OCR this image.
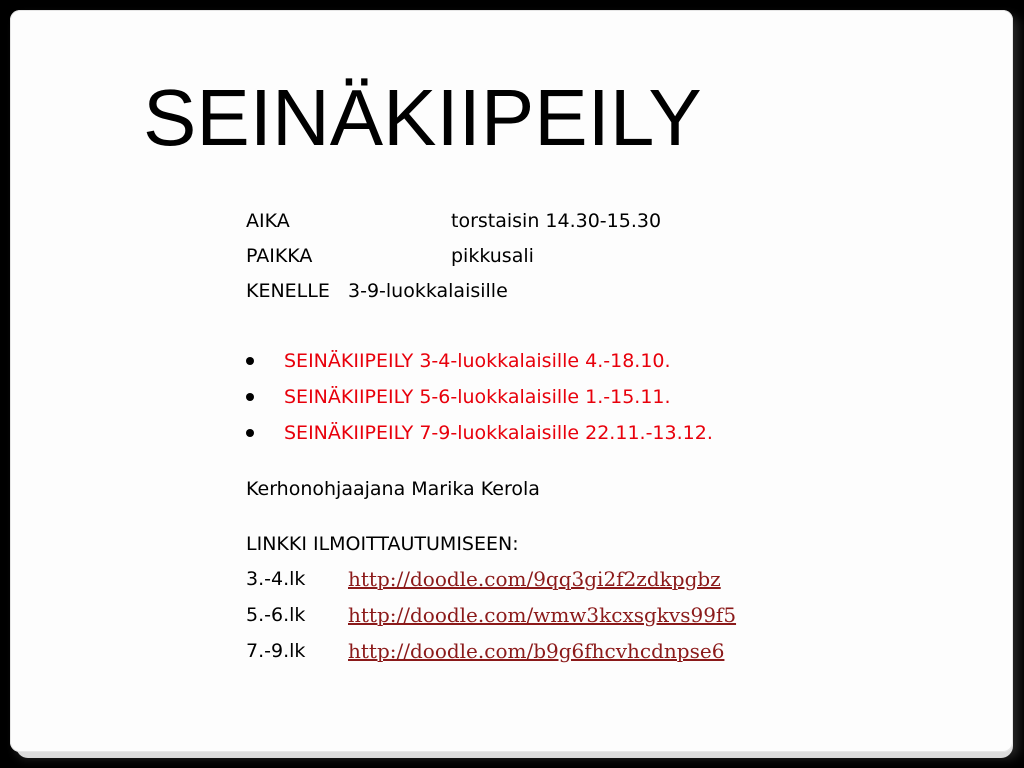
SEINÄKIIPEILY
AIKA	torstaisin 14.30-15.30
PAIKKA	pikkusali
KENELLE 3-9-luokkalaisille
SEINÄKIIPEILY 3-4-luokkalaisille 4.-18.10.
SEINÄKIIPEILY 5-6-luokkalaisille 1.-15.11.
SEINÄKIIPEILY 7-9-luokkalaisille 22.11.-13.12.
Kerhonohjaajana Marika Kerola
LINKKI ILMOITTAUTUMISEEN:
3.-4.lk http://doodle.com/9qq3gi2f2zdkpgbz
5.-6.lk http://doodle.com/wmw3kcxsgkvs99f5
7.-9.lk http://doodle.com/b9g6fhcvhcdnpse6
